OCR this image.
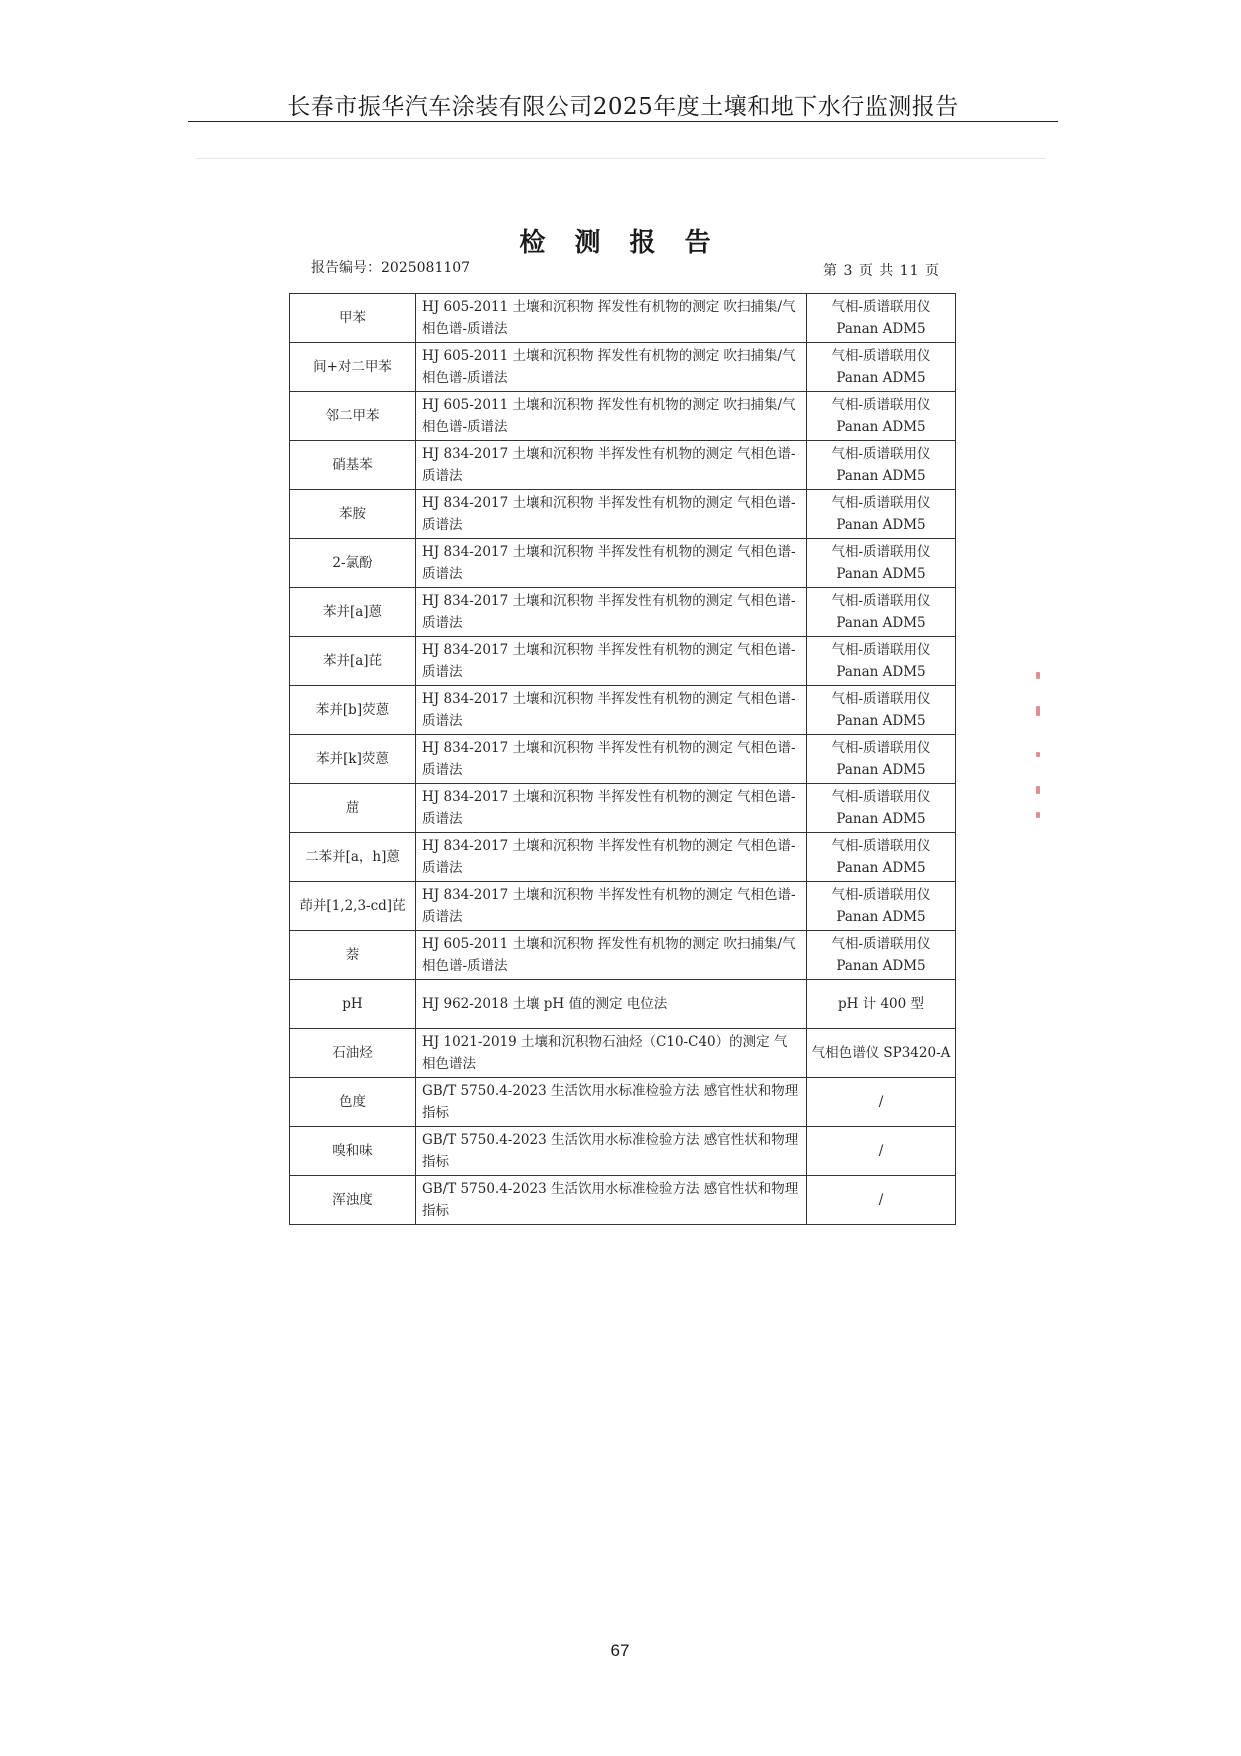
长春市振华汽车涂装有限公司2025年度土壤和地下水行监测报告
检 测 报 告
报告编号：2025081107	第 3 页 共 11 页
甲苯	HJ 605-2011 土壤和沉积物 挥发性有机物的测定 吹扫捕集/气相色谱-质谱法	气相-质谱联用仪
Panan ADM5

间+对二甲苯	HJ 605-2011 土壤和沉积物 挥发性有机物的测定 吹扫捕集/气相色谱-质谱法	气相-质谱联用仪
Panan ADM5

邻二甲苯	HJ 605-2011 土壤和沉积物 挥发性有机物的测定 吹扫捕集/气相色谱-质谱法	气相-质谱联用仪
Panan ADM5

硝基苯	HJ 834-2017 土壤和沉积物 半挥发性有机物的测定 气相色谱-质谱法	气相-质谱联用仪
Panan ADM5

苯胺	HJ 834-2017 土壤和沉积物 半挥发性有机物的测定 气相色谱-质谱法	气相-质谱联用仪
Panan ADM5

2-氯酚	HJ 834-2017 土壤和沉积物 半挥发性有机物的测定 气相色谱-质谱法	气相-质谱联用仪
Panan ADM5

苯并[a]蒽	HJ 834-2017 土壤和沉积物 半挥发性有机物的测定 气相色谱-质谱法	气相-质谱联用仪
Panan ADM5

苯并[a]芘	HJ 834-2017 土壤和沉积物 半挥发性有机物的测定 气相色谱-质谱法	气相-质谱联用仪
Panan ADM5

苯并[b]荧蒽	HJ 834-2017 土壤和沉积物 半挥发性有机物的测定 气相色谱-质谱法	气相-质谱联用仪
Panan ADM5

苯并[k]荧蒽	HJ 834-2017 土壤和沉积物 半挥发性有机物的测定 气相色谱-质谱法	气相-质谱联用仪
Panan ADM5

䓛	HJ 834-2017 土壤和沉积物 半挥发性有机物的测定 气相色谱-质谱法	气相-质谱联用仪
Panan ADM5

二苯并[a，h]蒽	HJ 834-2017 土壤和沉积物 半挥发性有机物的测定 气相色谱-质谱法	气相-质谱联用仪
Panan ADM5

茚并[1,2,3-cd]芘	HJ 834-2017 土壤和沉积物 半挥发性有机物的测定 气相色谱-质谱法	气相-质谱联用仪
Panan ADM5

萘	HJ 605-2011 土壤和沉积物 挥发性有机物的测定 吹扫捕集/气相色谱-质谱法	气相-质谱联用仪
Panan ADM5

pH	HJ 962-2018 土壤 pH 值的测定 电位法	pH 计 400 型

石油烃	HJ 1021-2019 土壤和沉积物石油烃（C10-C40）的测定 气相色谱法	气相色谱仪 SP3420-A

色度	GB/T 5750.4-2023 生活饮用水标准检验方法 感官性状和物理指标	/

嗅和味	GB/T 5750.4-2023 生活饮用水标准检验方法 感官性状和物理指标	/

浑浊度	GB/T 5750.4-2023 生活饮用水标准检验方法 感官性状和物理指标	/
67
